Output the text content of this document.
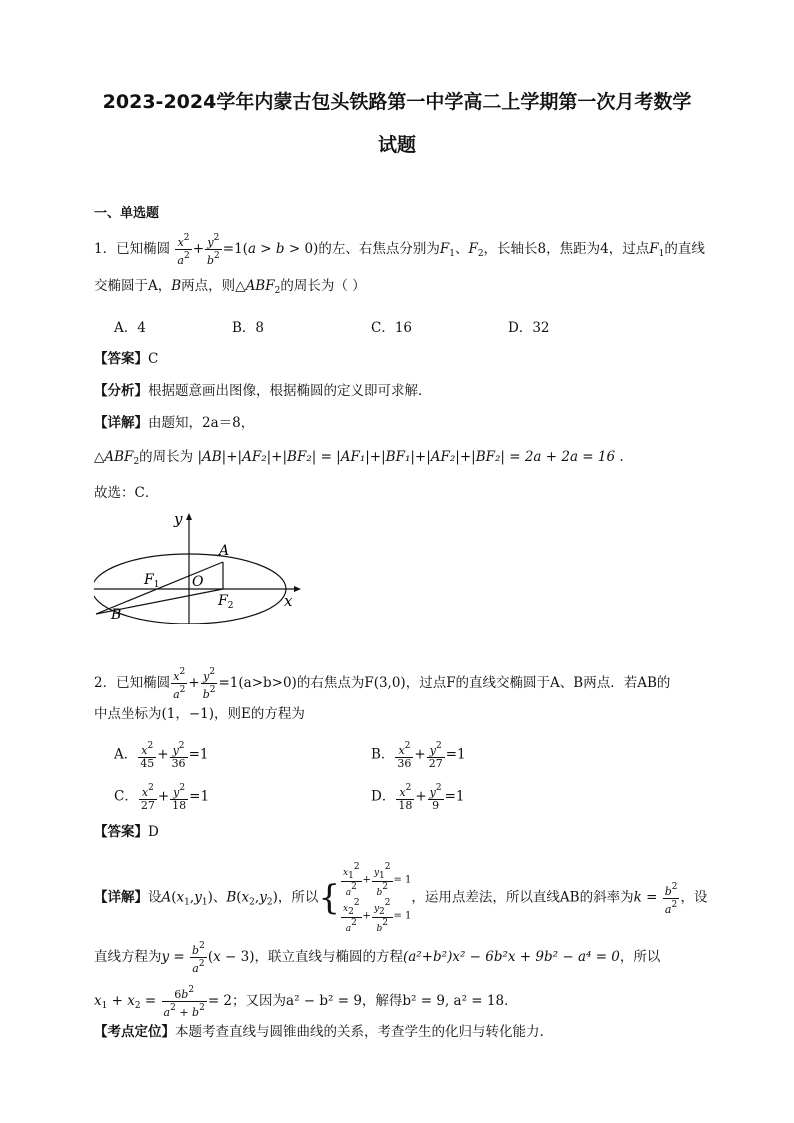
2023-2024学年内蒙古包头铁路第一中学高二上学期第一次月考数学
试题
一、单选题
1．已知椭圆 $\frac{x^2}{a^2} + \frac{y^2}{b^2} =1(a > b > 0)$的左、右焦点分别为$F_1$、$F_2$，长轴长8，焦距为4，过点$F_1$的直线
交椭圆于A，B两点，则$\triangle ABF_2$的周长为（ ）
A．4	B．8	C．16	D．32
【答案】C
【分析】根据题意画出图像，根据椭圆的定义即可求解．
【详解】由题知，2a＝8，
$\triangle ABF_2$的周长为 |AB|+|AF₂|+|BF₂| = |AF₁|+|BF₁|+|AF₂|+|BF₂| = 2a + 2a = 16 .
故选：C．
y
x
A
B
O
$F_1$
$F_2$
2．已知椭圆 $\frac{x^2}{a^2} + \frac{y^2}{b^2} =1(a>b>0)$的右焦点为F(3,0)，过点F的直线交椭圆于A、B两点．若AB的
中点坐标为(1，−1)，则E的方程为
A． $\frac{x^2}{45} + \frac{y^2}{36} =1$	B． $\frac{x^2}{36} + \frac{y^2}{27} =1$
C． $\frac{x^2}{27} + \frac{y^2}{18} =1$	D． $\frac{x^2}{18} + \frac{y^2}{9} =1$
【答案】D
【详解】设$A(x_1,y_1)$、$B(x_2,y_2)$，所以{ $\frac{x12}{a2} + \frac{y12}{b2} = 1$

$\frac{x22}{a2} + \frac{y22}{b2} = 1$，运用点差法，所以直线AB的斜率为$k = \frac{b^2}{a^2}$ ，设
直线方程为$y = \frac{b^2}{a^2} (x - 3)$，联立直线与椭圆的方程(a²+b²)x² − 6b²x + 9b² − a⁴ = 0，所以
$x_1 + x_2 = \frac{6b^2}{a^2 + b^2} = 2$；又因为a² − b² = 9，解得b² = 9, a² = 18．
【考点定位】本题考查直线与圆锥曲线的关系，考查学生的化归与转化能力.
